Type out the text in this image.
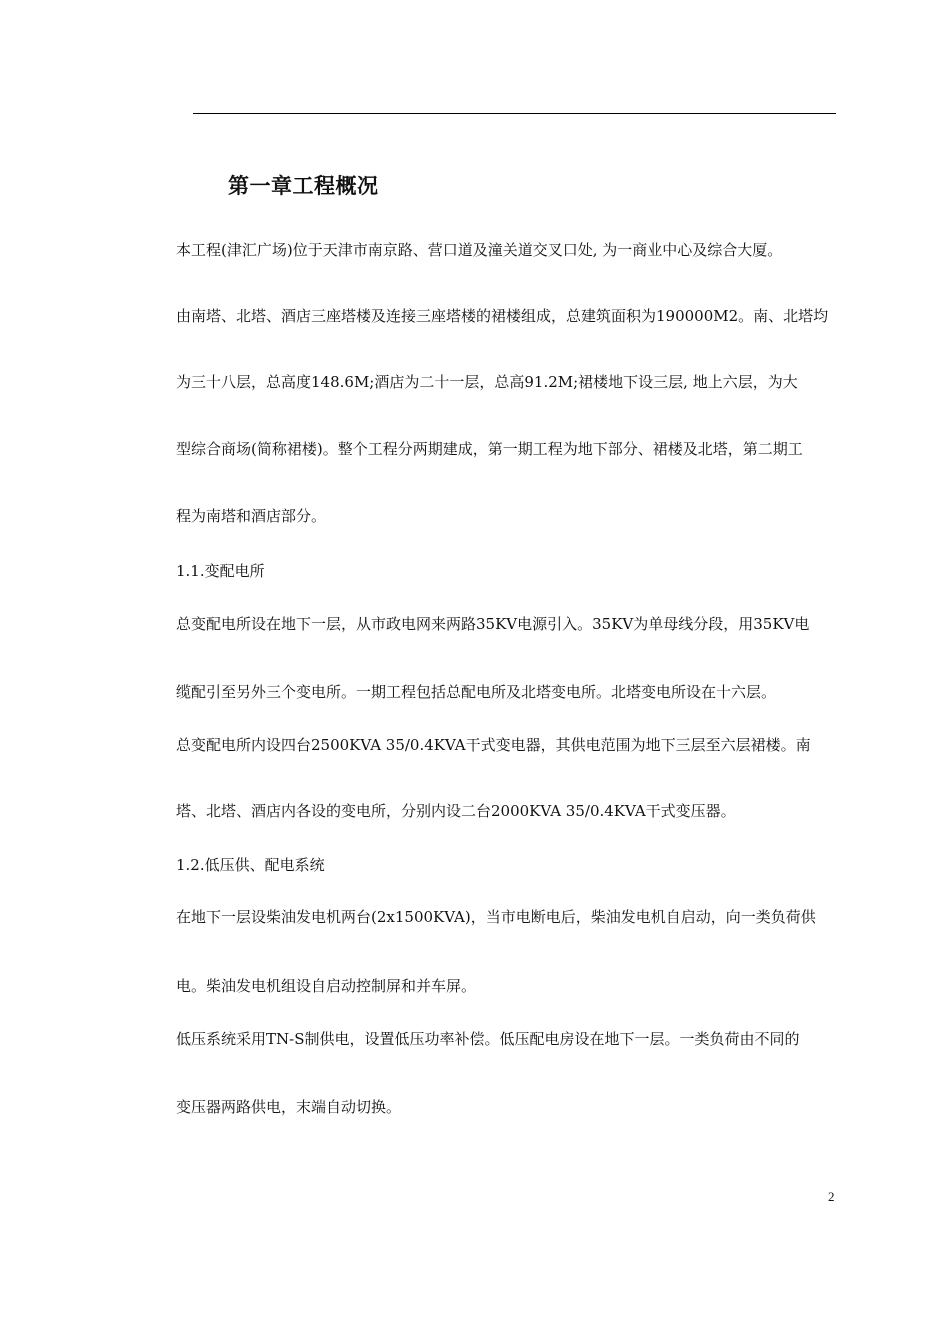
第一章工程概况
本工程(津汇广场)位于天津市南京路、营口道及潼关道交叉口处, 为一商业中心及综合大厦。
由南塔、北塔、酒店三座塔楼及连接三座塔楼的裙楼组成，总建筑面积为190000M2。南、北塔均
为三十八层，总高度148.6M;酒店为二十一层，总高91.2M;裙楼地下设三层, 地上六层，为大
型综合商场(简称裙楼)。整个工程分两期建成，第一期工程为地下部分、裙楼及北塔，第二期工
程为南塔和酒店部分。
1.1.变配电所
总变配电所设在地下一层，从市政电网来两路35KV电源引入。35KV为单母线分段，用35KV电
缆配引至另外三个变电所。一期工程包括总配电所及北塔变电所。北塔变电所设在十六层。
总变配电所内设四台2500KVA 35/0.4KVA干式变电器，其供电范围为地下三层至六层裙楼。南
塔、北塔、酒店内各设的变电所，分别内设二台2000KVA 35/0.4KVA干式变压器。
1.2.低压供、配电系统
在地下一层设柴油发电机两台(2x1500KVA)，当市电断电后，柴油发电机自启动，向一类负荷供
电。柴油发电机组设自启动控制屏和并车屏。
低压系统采用TN-S制供电，设置低压功率补偿。低压配电房设在地下一层。一类负荷由不同的
变压器两路供电，末端自动切换。
2
